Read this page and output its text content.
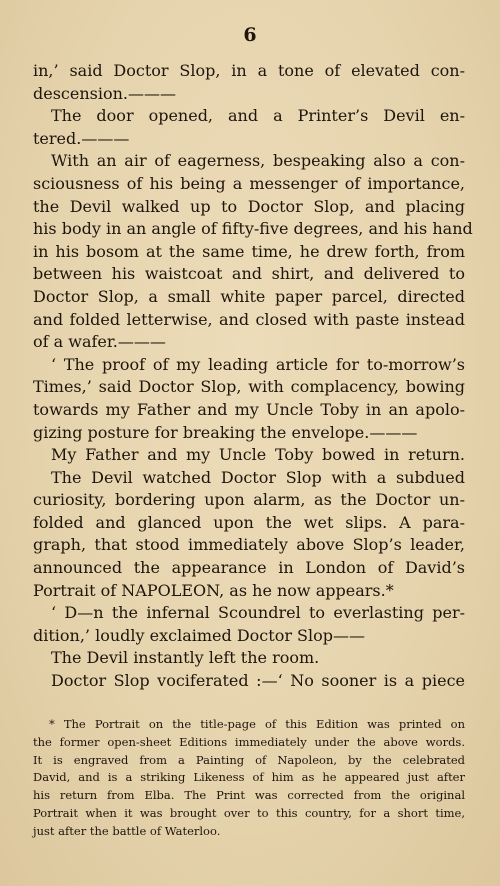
6
in,’ said Doctor Slop, in a tone of elevated con-
descension.———
The door opened, and a Printer’s Devil en-
tered.———
With an air of eagerness, bespeaking also a con-
sciousness of his being a messenger of importance,
the Devil walked up to Doctor Slop, and placing
his body in an angle of fifty-five degrees, and his hand
in his bosom at the same time, he drew forth, from
between his waistcoat and shirt, and delivered to
Doctor Slop, a small white paper parcel, directed
and folded letterwise, and closed with paste instead
of a wafer.———
‘ The proof of my leading article for to-morrow’s
Times,’ said Doctor Slop, with complacency, bowing
towards my Father and my Uncle Toby in an apolo-
gizing posture for breaking the envelope.———
My Father and my Uncle Toby bowed in return.
The Devil watched Doctor Slop with a subdued
curiosity, bordering upon alarm, as the Doctor un-
folded and glanced upon the wet slips. A para-
graph, that stood immediately above Slop’s leader,
announced the appearance in London of David’s
Portrait of NAPOLEON, as he now appears.*
‘ D—n the infernal Scoundrel to everlasting per-
dition,’ loudly exclaimed Doctor Slop——
The Devil instantly left the room.
Doctor Slop vociferated :—‘ No sooner is a piece
* The Portrait on the title-page of this Edition was printed on
the former open-sheet Editions immediately under the above words.
It is engraved from a Painting of Napoleon, by the celebrated
David, and is a striking Likeness of him as he appeared just after
his return from Elba. The Print was corrected from the original
Portrait when it was brought over to this country, for a short time,
just after the battle of Waterloo.
